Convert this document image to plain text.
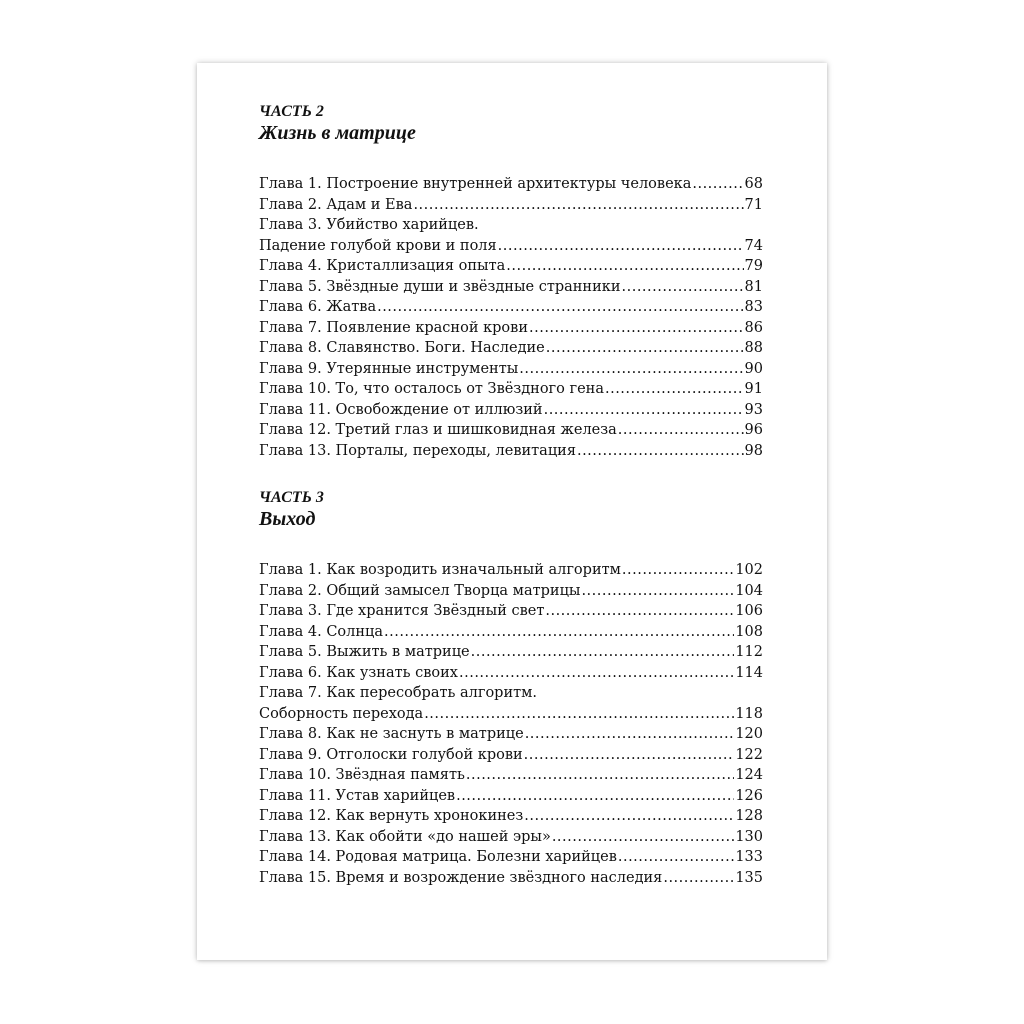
ЧАСТЬ 2
Жизнь в матрице
Глава 1. Построение внутренней архитектуры человека .....	68
Глава 2. Адам и Ева .....	71
Глава 3. Убийство харийцев.
Падение голубой крови и поля .....	74
Глава 4. Кристаллизация опыта .....	79
Глава 5. Звёздные души и звёздные странники .....	81
Глава 6. Жатва .....	83
Глава 7. Появление красной крови .....	86
Глава 8. Славянство. Боги. Наследие .....	88
Глава 9. Утерянные инструменты .....	90
Глава 10. То, что осталось от Звёздного гена .....	91
Глава 11. Освобождение от иллюзий .....	93
Глава 12. Третий глаз и шишковидная железа .....	96
Глава 13. Порталы, переходы, левитация .....	98
ЧАСТЬ 3
Выход
Глава 1. Как возродить изначальный алгоритм .....	102
Глава 2. Общий замысел Творца матрицы .....	104
Глава 3. Где хранится Звёздный свет .....	106
Глава 4. Солнца .....	108
Глава 5. Выжить в матрице .....	112
Глава 6. Как узнать своих .....	114
Глава 7. Как пересобрать алгоритм.
Соборность перехода .....	118
Глава 8. Как не заснуть в матрице .....	120
Глава 9. Отголоски голубой крови .....	122
Глава 10. Звёздная память .....	124
Глава 11. Устав харийцев .....	126
Глава 12. Как вернуть хронокинез .....	128
Глава 13. Как обойти «до нашей эры» .....	130
Глава 14. Родовая матрица. Болезни харийцев .....	133
Глава 15. Время и возрождение звёздного наследия .....	135
